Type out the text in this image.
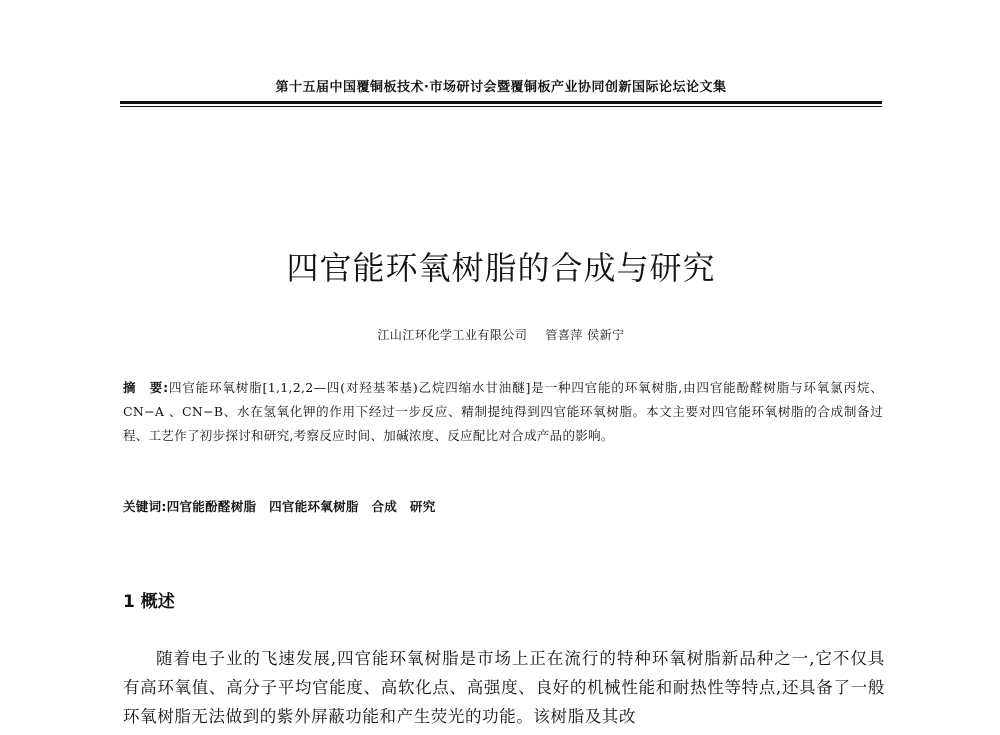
第十五届中国覆铜板技术·市场研讨会暨覆铜板产业协同创新国际论坛论文集
四官能环氧树脂的合成与研究
江山江环化学工业有限公司 管喜萍 侯新宁
摘　要:四官能环氧树脂[1,1,2,2—四(对羟基苯基)乙烷四缩水甘油醚]是一种四官能的环氧树脂,由四官能酚醛树脂与环氧氯丙烷、CN−A 、CN−B、水在氢氧化钾的作用下经过一步反应、精制提纯得到四官能环氧树脂。本文主要对四官能环氧树脂的合成制备过程、工艺作了初步探讨和研究,考察反应时间、加碱浓度、反应配比对合成产品的影响。
关键词:四官能酚醛树脂　四官能环氧树脂　合成　研究
1 概述

随着电子业的飞速发展,四官能环氧树脂是市场上正在流行的特种环氧树脂新品种之一,它不仅具有高环氧值、高分子平均官能度、高软化点、高强度、良好的机械性能和耐热性等特点,还具备了一般环氧树脂无法做到的紫外屏蔽功能和产生荧光的功能。该树脂及其改
